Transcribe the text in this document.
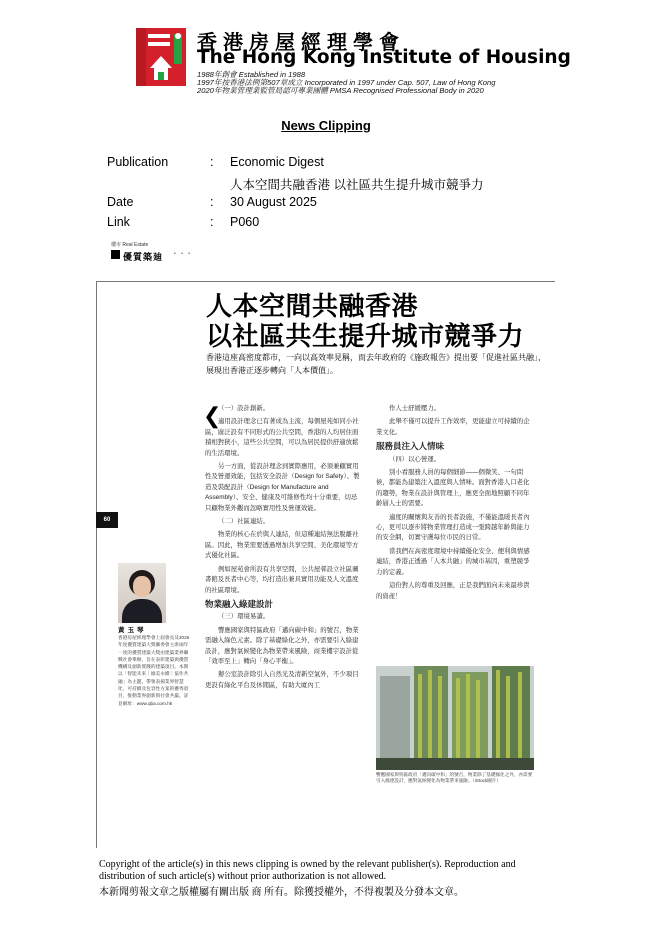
香港房屋經理學會
The Hong Kong Institute of Housing
1988年創會 Established in 1988
1997年按香港法例第507章成立 Incorporated in 1997 under Cap. 507, Law of Hong Kong
2020年物業管理業監管局認可專業團體 PMSA Recognised Professional Body in 2020
News Clipping
Publication	: Economic Digest
人本空間共融香港 以社區共生提升城市競爭力
Date	: 30 August 2025
Link	: P060
樓市 Real Estate
優質築廸 • • •
人本空間共融香港
以社區共生提升城市競爭力
香港這座高密度都市，一向以高效率見稱，而去年政府的《施政報告》提出要「促進社區共融」，展現出香港正逐步轉向「人本價值」。
❮

（一）設計創新。

適用設計理念已有著成為主流，每個屋苑如同小社區，廣泛設有不同形式的公共空間，香港的人均居住面積相對狹小，這些公共空間，可以為居民提供舒適放鬆的生活環境。

另一方面，從設計理念到實際應用，必須兼顧實用性及營運效能，包括安全設計（Design for Safety）、製造及裝配設計（Design for Manufacture and Assembly）、安全、健康及可維修性均十分重要，切忌只顧物業外觀而忽略實用性及營運效能。

（二）社區連結。

物業的核心在於與人連結，但這種連結無法脫離社區。因此，物業需要透過增加共享空間、美化環境等方式優化社區。

例如屋苑會所設有共享空間，公共屋邨設立社區圖書館及長者中心等，均打造出兼具實用功能及人文溫度的社區環境。

物業融入綠建設計

（三）環境易讀。

響應國家與特區政府「邁向碳中和」的號召，物業需融入綠色元素。除了基礎綠化之外，亦需要引入綠建設計，應對氣候變化為物業帶來風險，商業樓宇設計從「效率至上」轉向「身心平衡」。

辦公室設計除引入自然光及清新空氣外，不少項目更設有綠化平台及休閒區，有助大廈內工

作人士舒緩壓力。

此舉不僅可以提升工作效率，更能建立可持續的企業文化。

服務員注入人情味

（四）以心營運。

別小看服務人員的每個細節——個微笑、一句問候，都能為建築注入溫度與人情味。面對香港人口老化的趨勢，物業在設計與管理上，應更全面地照顧不同年齡層人士的需要。

適度的關懷與友善的長者設施，不僅能溫暖長者內心，更可以逐步將物業管理打造成一張跨越年齡與能力的安全網，切實守護每位市民的日常。

當我們在高密度環境中持續優化安全、便利與情感連結，香港正透過「人本共融」的城市基因，重塑競爭力的定義。

這份對人的尊重及回應，正是我們面向未來最珍貴的資產！

60
黃玉琴
香港房屋經理學會上屆會長及2026年度優質建築大獎籌委會主席兩年一度的優質建築大獎由建築業界聯戰社會舉辦，旨在表彰建築與優質機構及創新實踐的建築項目。本期以「智能未來｜綠美永續｜協作共融」為主題，帶領表揚業界智慧化、可持續及包容性方案的優秀項目，推動業界創新與社會共贏。詳見網址：www.qba.com.hk
響應國家與特區政府「邁向碳中和」的號召，物業除了基礎綠化之外，亦需要引入綠建設計，應對氣候變化為物業帶來風險。（iStock圖片）
Copyright of the article(s) in this news clipping is owned by the relevant publisher(s). Reproduction and distribution of such article(s) without prior authorization is not allowed.
本新聞剪報文章之版權屬有關出版 商 所有。除獲授權外，不得複製及分發本文章。
